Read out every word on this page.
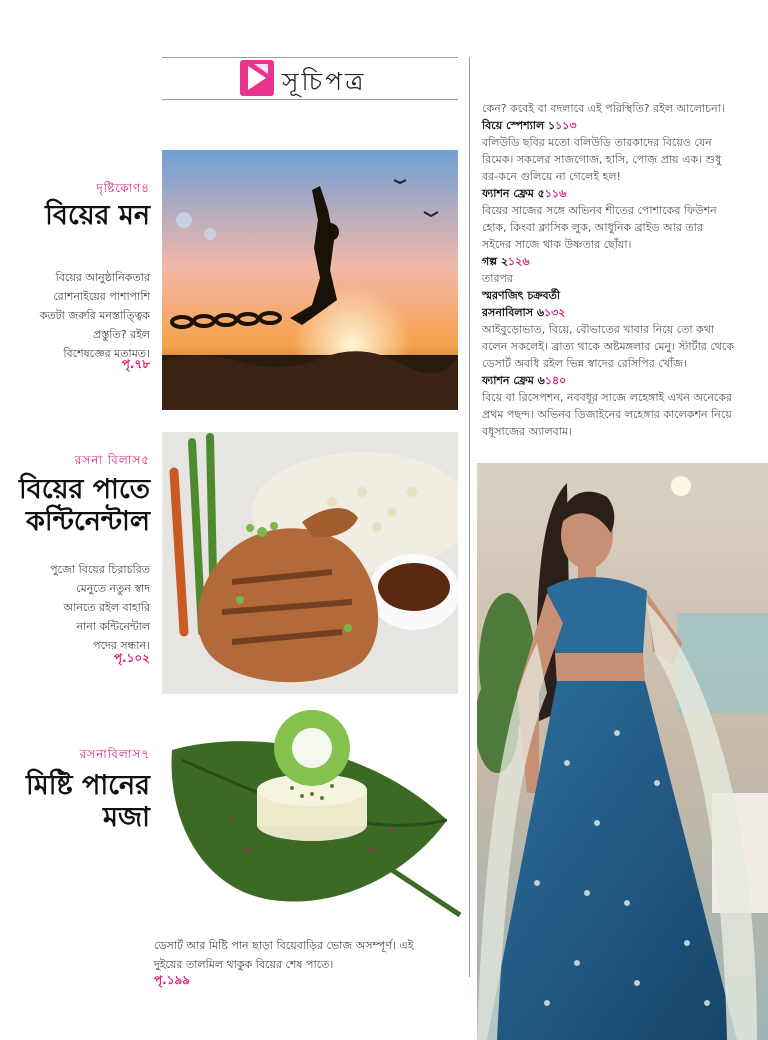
সূচিপত্র
দৃষ্টিকোণ৪
বিয়ের মন
বিয়ের আনুষ্ঠানিকতার
রোশনাইয়ের পাশাপাশি
কতটা জরুরি মনস্তাত্ত্বিক
প্রস্তুতি? রইল
বিশেষজ্ঞের মতামত।
পৃ.৭৮
রসনা বিলাস৫
বিয়ের পাতে
কন্টিনেন্টাল
পুজো বিয়ের চিরাচরিত
মেনুতে নতুন স্বাদ
আনতে রইল বাহারি
নানা কন্টিনেন্টাল
পদের সন্ধান।
পৃ.১০২
রসনাবিলাস৭
মিষ্টি পানের
মজা
ডেসার্ট আর মিষ্টি পান ছাড়া বিয়েবাড়ির ভোজ অসম্পূর্ণ। এই
দুইয়ের তালমিল থাকুক বিয়ের শেষ পাতে।
পৃ.১৯৯
কেন? কবেই বা বদলাবে এই পরিস্থিতি? রইল আলোচনা।
বিয়ে স্পেশ্যাল ১১১৩
বলিউডি ছবির মতো বলিউডি তারকাদের বিয়েও যেন
রিমেক। সকলের সাজগোজ, হাসি, পোজ় প্রায় এক। শুধু
বর-কনে গুলিয়ে না গেলেই হল!
ফ্যাশন ফ্রেম ৫১১৬
বিয়ের সাজের সঙ্গে অভিনব শীতের পোশাকের ফিউশন
হোক, কিংবা ক্লাসিক লুক, আধুনিক ব্রাইড আর তার
সইদের সাজে থাক উষ্ণতার ছোঁয়া।
গল্প ২১২৬
তারপর
স্মরণজিৎ চক্রবর্তী
রসনাবিলাস ৬১৩২
আইবুড়োভাত, বিয়ে, বৌভাতের খাবার নিয়ে তো কথা
বলেন সকলেই। ব্রাত্য থাকে অষ্টমঙ্গলার মেনু। স্টার্টার থেকে
ডেসার্ট অবধি রইল ভিন্ন স্বাদের রেসিপির খোঁজ।
ফ্যাশন ফ্রেম ৬১৪০
বিয়ে বা রিসেপশন, নববধূর সাজে লহেঙ্গাই এখন অনেকের
প্রথম পছন্দ। অভিনব ডিজাইনের লহেঙ্গার কালেকশন নিয়ে
বধূসাজের অ্যালবাম।
